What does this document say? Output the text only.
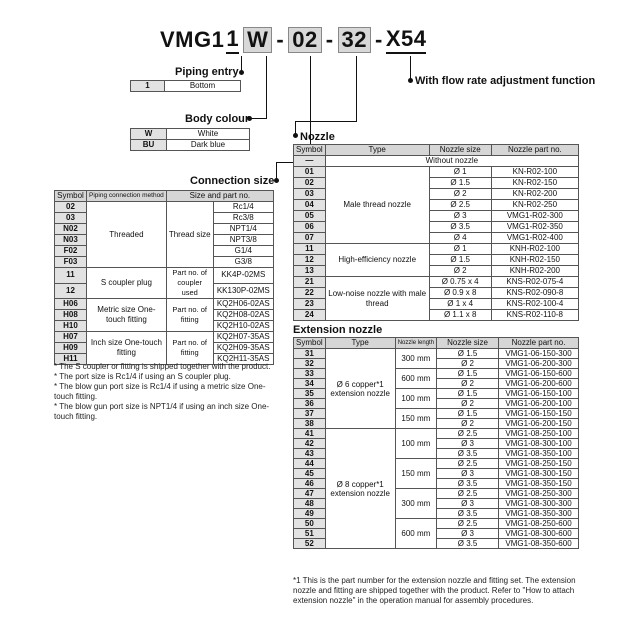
VMG1 1 W - 02 - 32 - X54
With flow rate adjustment function
Piping entry
1	Bottom
Body colour
W	White
BU	Dark blue
Connection size
Symbol	Piping connection method	Size and part no.	
02	Threaded	Thread size	Rc1/4
03			Rc3/8
N02			NPT1/4
N03			NPT3/8
F02			G1/4
F03			G3/8
11	S coupler plug	Part no. of coupler used	KK4P-02MS
12			KK130P-02MS
H06	Metric size One-touch fitting	Part no. of fitting	KQ2H06-02AS
H08			KQ2H08-02AS
H10			KQ2H10-02AS
H07	Inch size One-touch fitting	Part no. of fitting	KQ2H07-35AS
H09			KQ2H09-35AS
H11			KQ2H11-35AS
* The S coupler or fitting is shipped together with the product.
* The port size is Rc1/4 if using an S coupler plug.
* The blow gun port size is Rc1/4 if using a metric size One-touch fitting.
* The blow gun port size is NPT1/4 if using an inch size One-touch fitting.
Nozzle
Symbol	Type	Nozzle size	Nozzle part no.
—	Without nozzle		
01	Male thread nozzle	Ø 1	KN-R02-100
02		Ø 1.5	KN-R02-150
03		Ø 2	KN-R02-200
04		Ø 2.5	KN-R02-250
05		Ø 3	VMG1-R02-300
06		Ø 3.5	VMG1-R02-350
07		Ø 4	VMG1-R02-400
11	High-efficiency nozzle	Ø 1	KNH-R02-100
12		Ø 1.5	KNH-R02-150
13		Ø 2	KNH-R02-200
21	Low-noise nozzle with male thread	Ø 0.75 x 4	KNS-R02-075-4
22		Ø 0.9 x 8	KNS-R02-090-8
23		Ø 1 x 4	KNS-R02-100-4
24		Ø 1.1 x 8	KNS-R02-110-8
Extension nozzle
Symbol	Type	Nozzle length	Nozzle size	Nozzle part no.
31	Ø 6 copper*1 extension nozzle	300 mm	Ø 1.5	VMG1-06-150-300
32			Ø 2	VMG1-06-200-300
33		600 mm	Ø 1.5	VMG1-06-150-600
34			Ø 2	VMG1-06-200-600
35		100 mm	Ø 1.5	VMG1-06-150-100
36			Ø 2	VMG1-06-200-100
37		150 mm	Ø 1.5	VMG1-06-150-150
38			Ø 2	VMG1-06-200-150
41	Ø 8 copper*1 extension nozzle	100 mm	Ø 2.5	VMG1-08-250-100
42			Ø 3	VMG1-08-300-100
43			Ø 3.5	VMG1-08-350-100
44		150 mm	Ø 2.5	VMG1-08-250-150
45			Ø 3	VMG1-08-300-150
46			Ø 3.5	VMG1-08-350-150
47		300 mm	Ø 2.5	VMG1-08-250-300
48			Ø 3	VMG1-08-300-300
49			Ø 3.5	VMG1-08-350-300
50		600 mm	Ø 2.5	VMG1-08-250-600
51			Ø 3	VMG1-08-300-600
52			Ø 3.5	VMG1-08-350-600
*1 This is the part number for the extension nozzle and fitting set. The extension nozzle and fitting are shipped together with the product. Refer to "How to attach extension nozzle" in the operation manual for assembly procedures.
